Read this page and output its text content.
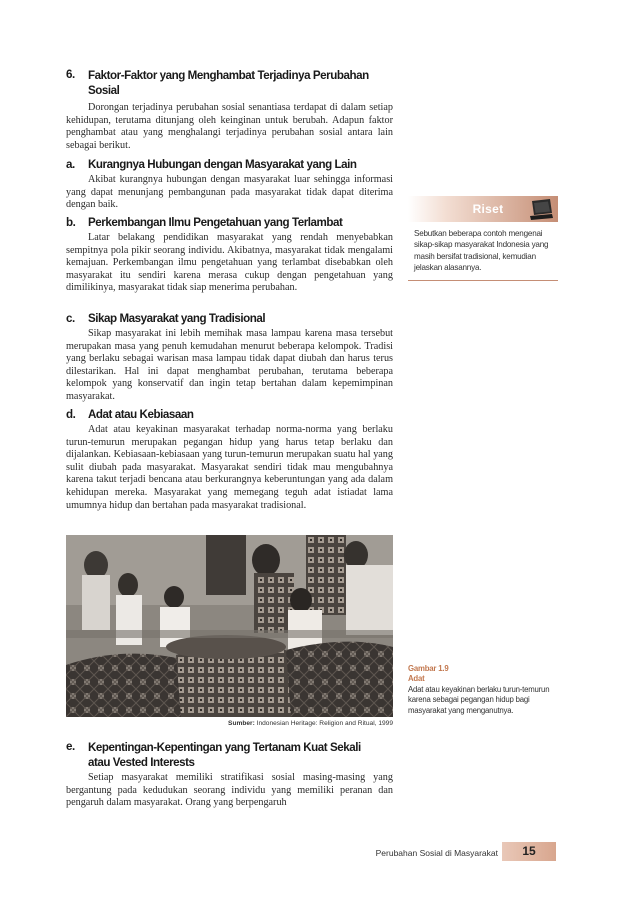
6.	Faktor-Faktor yang Menghambat Terjadinya Perubahan Sosial

Dorongan terjadinya perubahan sosial senantiasa terdapat di dalam setiap kehidupan, terutama ditunjang oleh keinginan untuk berubah. Adapun faktor penghambat atau yang menghalangi terjadinya perubahan sosial antara lain sebagai berikut.

a.	Kurangnya Hubungan dengan Masyarakat yang Lain

Akibat kurangnya hubungan dengan masyarakat luar sehingga informasi yang dapat menunjang pembangunan pada masyarakat tidak dapat diterima dengan baik.

b.	Perkembangan Ilmu Pengetahuan yang Terlambat

Latar belakang pendidikan masyarakat yang rendah menyebabkan sempitnya pola pikir seorang individu. Akibatnya, masyarakat tidak mengalami kemajuan. Perkembangan ilmu pengetahuan yang terlambat disebabkan oleh masyarakat itu sendiri karena merasa cukup dengan pengetahuan yang dimilikinya, masyarakat tidak siap menerima perubahan.

c.	Sikap Masyarakat yang Tradisional

Sikap masyarakat ini lebih memihak masa lampau karena masa tersebut merupakan masa yang penuh kemudahan menurut beberapa kelompok. Tradisi yang berlaku sebagai warisan masa lampau tidak dapat diubah dan harus terus dilestarikan. Hal ini dapat menghambat perubahan, terutama beberapa kelompok yang konservatif dan ingin tetap bertahan dalam kepemimpinan masyarakat.

d.	Adat atau Kebiasaan

Adat atau keyakinan masyarakat terhadap norma-norma yang berlaku turun-temurun merupakan pegangan hidup yang harus tetap berlaku dan dijalankan. Kebiasaan-kebiasaan yang turun-temurun merupakan suatu hal yang sulit diubah pada masyarakat. Masyarakat sendiri tidak mau mengubahnya karena takut terjadi bencana atau berkurangnya keberuntungan yang ada dalam kehidupan mereka. Masyarakat yang memegang teguh adat istiadat lama umumnya hidup dan bertahan pada masyarakat tradisional.

Riset
Sebutkan beberapa contoh mengenai sikap-sikap masyarakat Indonesia yang masih bersifat tradisional, kemudian jelaskan alasannya.
Sumber: Indonesian Heritage: Religion and Ritual, 1999
Gambar 1.9
Adat
Adat atau keyakinan berlaku turun-temurun karena sebagai pegangan hidup bagi masyarakat yang menganutnya.
e.	Kepentingan-Kepentingan yang Tertanam Kuat Sekali
atau Vested Interests

Setiap masyarakat memiliki stratifikasi sosial masing-masing yang bergantung pada kedudukan seorang individu yang memiliki peranan dan pengaruh dalam masyarakat. Orang yang berpengaruh

Perubahan Sosial di Masyarakat	15
